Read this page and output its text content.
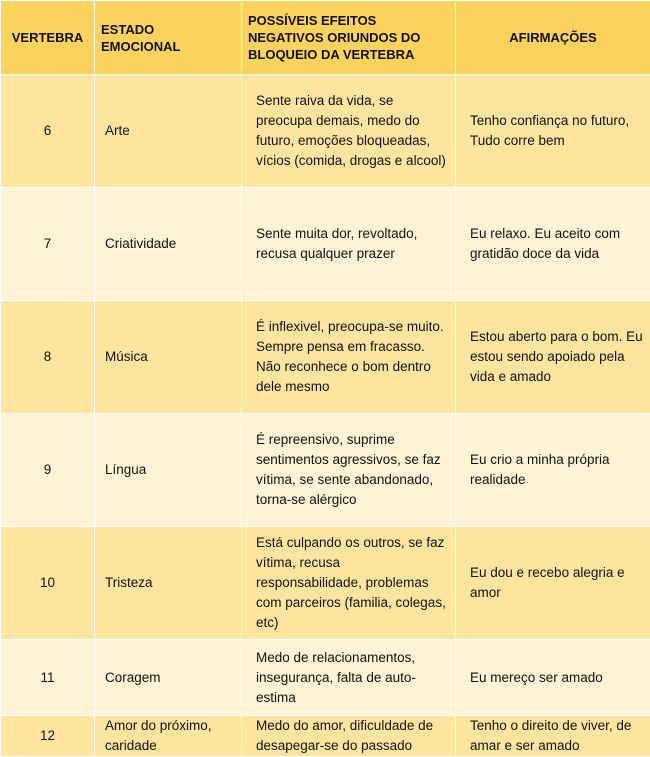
VERTEBRA	ESTADO EMOCIONAL	POSSÍVEIS EFEITOS NEGATIVOS ORIUNDOS DO BLOQUEIO DA VERTEBRA	AFIRMAÇÕES
6	Arte	Sente raiva da vida, se preocupa demais, medo do futuro, emoções bloqueadas, vícios (comida, drogas e alcool)	Tenho confiança no futuro, Tudo corre bem
7	Criatividade	Sente muita dor, revoltado, recusa qualquer prazer	Eu relaxo. Eu aceito com gratidão doce da vida
8	Música	É inflexivel, preocupa-se muito. Sempre pensa em fracasso. Não reconhece o bom dentro dele mesmo	Estou aberto para o bom. Eu estou sendo apoiado pela vida e amado
9	Língua	É repreensivo, suprime sentimentos agressivos, se faz vítima, se sente abandonado, torna-se alérgico	Eu crio a minha própria realidade
10	Tristeza	Está culpando os outros, se faz vítima, recusa responsabilidade, problemas com parceiros (familia, colegas, etc)	Eu dou e recebo alegria e amor
11	Coragem	Medo de relacionamentos, insegurança, falta de auto-estima	Eu mereço ser amado
12	Amor do próximo, caridade	Medo do amor, dificuldade de desapegar-se do passado	Tenho o direito de viver, de amar e ser amado
